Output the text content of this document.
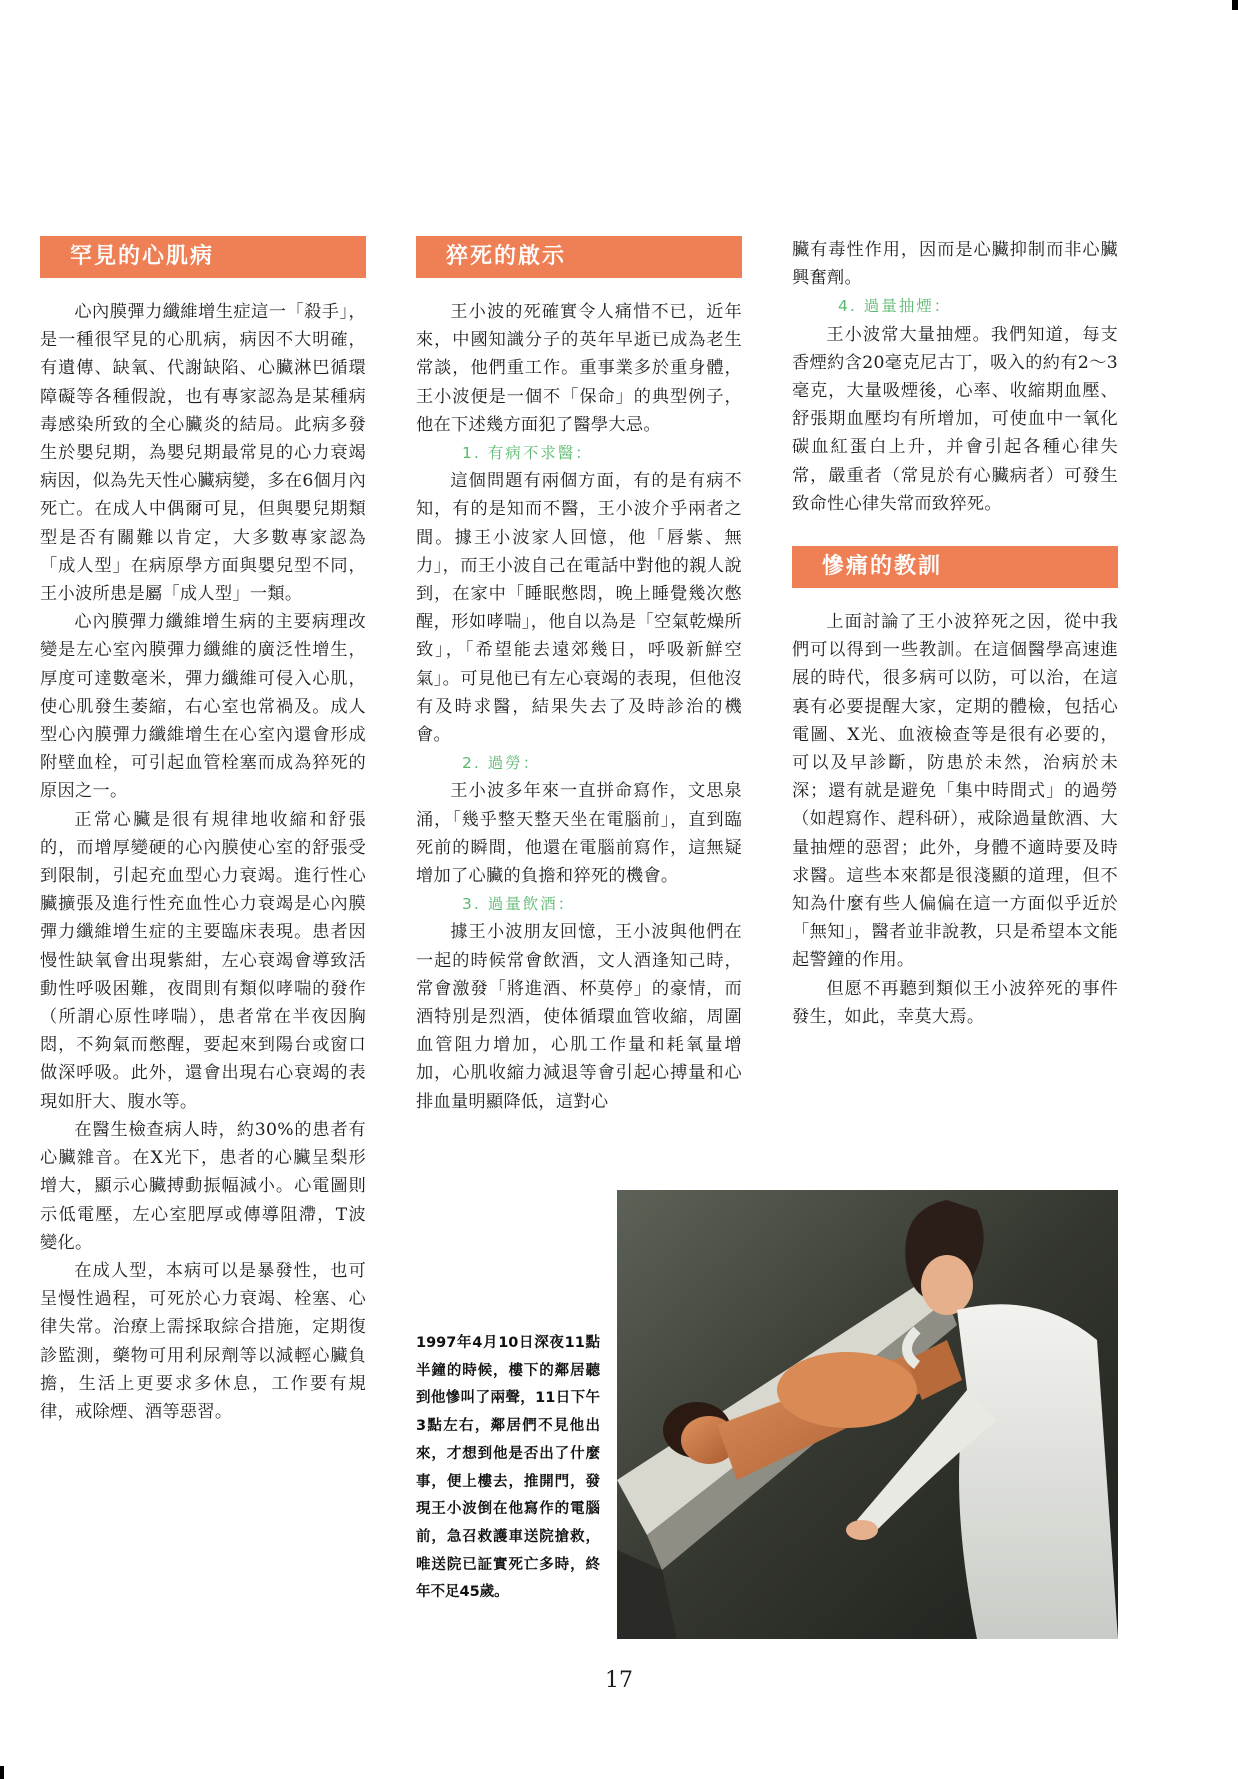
罕見的心肌病

心內膜彈力纖維增生症這一「殺手」，是一種很罕見的心肌病，病因不大明確，有遺傳、缺氧、代謝缺陷、心臟淋巴循環障礙等各種假說，也有專家認為是某種病毒感染所致的全心臟炎的結局。此病多發生於嬰兒期，為嬰兒期最常見的心力衰竭病因，似為先天性心臟病變，多在6個月內死亡。在成人中偶爾可見，但與嬰兒期類型是否有關難以肯定，大多數專家認為「成人型」在病原學方面與嬰兒型不同，王小波所患是屬「成人型」一類。

心內膜彈力纖維增生病的主要病理改變是左心室內膜彈力纖維的廣泛性增生，厚度可達數毫米，彈力纖維可侵入心肌，使心肌發生萎縮，右心室也常禍及。成人型心內膜彈力纖維增生在心室內還會形成附壁血栓，可引起血管栓塞而成為猝死的原因之一。

正常心臟是很有規律地收縮和舒張的，而增厚變硬的心內膜使心室的舒張受到限制，引起充血型心力衰竭。進行性心臟擴張及進行性充血性心力衰竭是心內膜彈力纖維增生症的主要臨床表現。患者因慢性缺氧會出現紫紺，左心衰竭會導致活動性呼吸困難，夜間則有類似哮喘的發作（所謂心原性哮喘），患者常在半夜因胸悶，不夠氣而憋醒，要起來到陽台或窗口做深呼吸。此外，還會出現右心衰竭的表現如肝大、腹水等。

在醫生檢查病人時，約30%的患者有心臟雜音。在X光下，患者的心臟呈梨形增大，顯示心臟搏動振幅減小。心電圖則示低電壓，左心室肥厚或傳導阻滯，T波變化。

在成人型，本病可以是暴發性，也可呈慢性過程，可死於心力衰竭、栓塞、心律失常。治療上需採取綜合措施，定期復診監測，藥物可用利尿劑等以減輕心臟負擔，生活上更要求多休息，工作要有規律，戒除煙、酒等惡習。

猝死的啟示

王小波的死確實令人痛惜不已，近年來，中國知識分子的英年早逝已成為老生常談，他們重工作。重事業多於重身體，王小波便是一個不「保命」的典型例子，他在下述幾方面犯了醫學大忌。

1. 有病不求醫：

這個問題有兩個方面，有的是有病不知，有的是知而不醫，王小波介乎兩者之間。據王小波家人回憶，他「唇紫、無力」，而王小波自己在電話中對他的親人說到，在家中「睡眠憋悶，晚上睡覺幾次憋醒，形如哮喘」，他自以為是「空氣乾燥所致」，「希望能去遠郊幾日，呼吸新鮮空氣」。可見他已有左心衰竭的表現，但他沒有及時求醫，結果失去了及時診治的機會。

2. 過勞：

王小波多年來一直拼命寫作，文思泉涌，「幾乎整天整天坐在電腦前」，直到臨死前的瞬間，他還在電腦前寫作，這無疑增加了心臟的負擔和猝死的機會。

3. 過量飲酒：

據王小波朋友回憶，王小波與他們在一起的時候常會飲酒，文人酒逢知己時，常會激發「將進酒、杯莫停」的豪情，而酒特別是烈酒，使体循環血管收縮，周圍血管阻力增加，心肌工作量和耗氧量增加，心肌收縮力減退等會引起心搏量和心排血量明顯降低，這對心

臟有毒性作用，因而是心臟抑制而非心臟興奮劑。

4. 過量抽煙：

王小波常大量抽煙。我們知道，每支香煙約含20毫克尼古丁，吸入的約有2～3毫克，大量吸煙後，心率、收縮期血壓、舒張期血壓均有所增加，可使血中一氧化碳血紅蛋白上升，并會引起各種心律失常，嚴重者（常見於有心臟病者）可發生致命性心律失常而致猝死。

慘痛的教訓

上面討論了王小波猝死之因，從中我們可以得到一些教訓。在這個醫學高速進展的時代，很多病可以防，可以治，在這裏有必要提醒大家，定期的體檢，包括心電圖、X光、血液檢查等是很有必要的，可以及早診斷，防患於未然，治病於未深；還有就是避免「集中時間式」的過勞（如趕寫作、趕科研），戒除過量飲酒、大量抽煙的惡習；此外，身體不適時要及時求醫。這些本來都是很淺顯的道理，但不知為什麼有些人偏偏在這一方面似乎近於「無知」，醫者並非說教，只是希望本文能起警鐘的作用。

但愿不再聽到類似王小波猝死的事件發生，如此，幸莫大焉。

1997年4月10日深夜11點半鐘的時候，樓下的鄰居聽到他慘叫了兩聲，11日下午3點左右，鄰居們不見他出來，才想到他是否出了什麼事，便上樓去，推開門，發現王小波倒在他寫作的電腦前，急召救護車送院搶救，唯送院已証實死亡多時，終年不足45歲。
17
